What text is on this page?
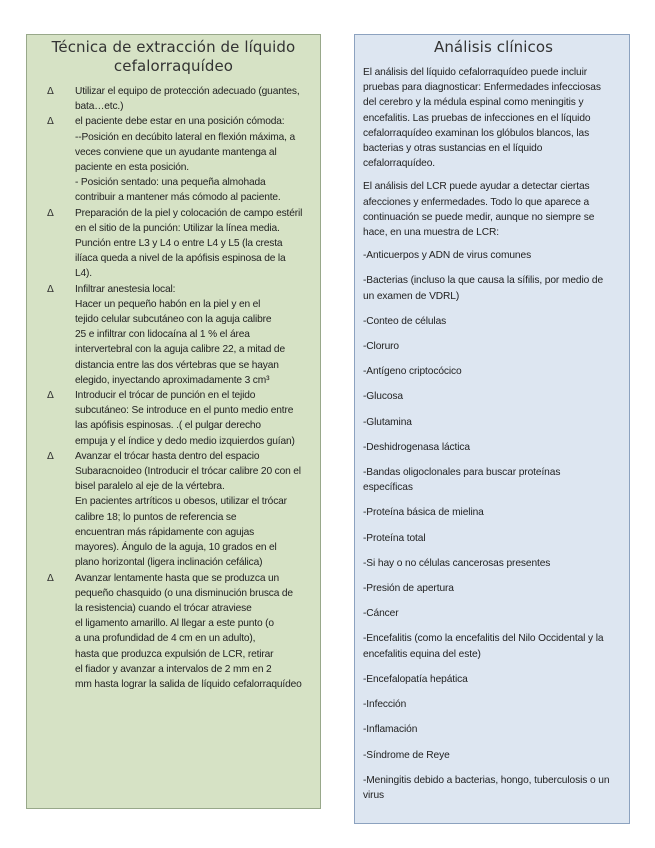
Técnica de extracción de líquido
cefalorraquídeo
Δ Utilizar el equipo de protección adecuado (guantes,
bata…etc.)
Δ el paciente debe estar en una posición cómoda:
--Posición en decúbito lateral en flexión máxima, a
veces conviene que un ayudante mantenga al
paciente en esta posición.
- Posición sentado: una pequeña almohada
contribuir a mantener más cómodo al paciente.
Δ Preparación de la piel y colocación de campo estéril
en el sitio de la punción: Utilizar la línea media.
Punción entre L3 y L4 o entre L4 y L5 (la cresta
ilíaca queda a nivel de la apófisis espinosa de la
L4).
Δ Infiltrar anestesia local:
Hacer un pequeño habón en la piel y en el
tejido celular subcutáneo con la aguja calibre
25 e infiltrar con lidocaína al 1 % el área
intervertebral con la aguja calibre 22, a mitad de
distancia entre las dos vértebras que se hayan
elegido, inyectando aproximadamente 3 cm³
Δ Introducir el trócar de punción en el tejido
subcutáneo: Se introduce en el punto medio entre
las apófisis espinosas. .( el pulgar derecho
empuja y el índice y dedo medio izquierdos guían)
Δ Avanzar el trócar hasta dentro del espacio
Subaracnoideo (Introducir el trócar calibre 20 con el
bisel paralelo al eje de la vértebra.
En pacientes artríticos u obesos, utilizar el trócar
calibre 18; lo puntos de referencia se
encuentran más rápidamente con agujas
mayores). Ángulo de la aguja, 10 grados en el
plano horizontal (ligera inclinación cefálica)
Δ Avanzar lentamente hasta que se produzca un
pequeño chasquido (o una disminución brusca de
la resistencia) cuando el trócar atraviese
el ligamento amarillo. Al llegar a este punto (o
a una profundidad de 4 cm en un adulto),
hasta que produzca expulsión de LCR, retirar
el fiador y avanzar a intervalos de 2 mm en 2
mm hasta lograr la salida de líquido cefalorraquídeo
Análisis clínicos
El análisis del líquido cefalorraquídeo puede incluir
pruebas para diagnosticar: Enfermedades infecciosas
del cerebro y la médula espinal como meningitis y
encefalitis. Las pruebas de infecciones en el líquido
cefalorraquídeo examinan los glóbulos blancos, las
bacterias y otras sustancias en el líquido
cefalorraquídeo.
El análisis del LCR puede ayudar a detectar ciertas
afecciones y enfermedades. Todo lo que aparece a
continuación se puede medir, aunque no siempre se
hace, en una muestra de LCR:
-Anticuerpos y ADN de virus comunes
-Bacterias (incluso la que causa la sífilis, por medio de
un examen de VDRL)
-Conteo de células
-Cloruro
-Antígeno criptocócico
-Glucosa
-Glutamina
-Deshidrogenasa láctica
-Bandas oligoclonales para buscar proteínas
específicas
-Proteína básica de mielina
-Proteína total
-Si hay o no células cancerosas presentes
-Presión de apertura
-Cáncer
-Encefalitis (como la encefalitis del Nilo Occidental y la
encefalitis equina del este)
-Encefalopatía hepática
-Infección
-Inflamación
-Síndrome de Reye
-Meningitis debido a bacterias, hongo, tuberculosis o un
virus
